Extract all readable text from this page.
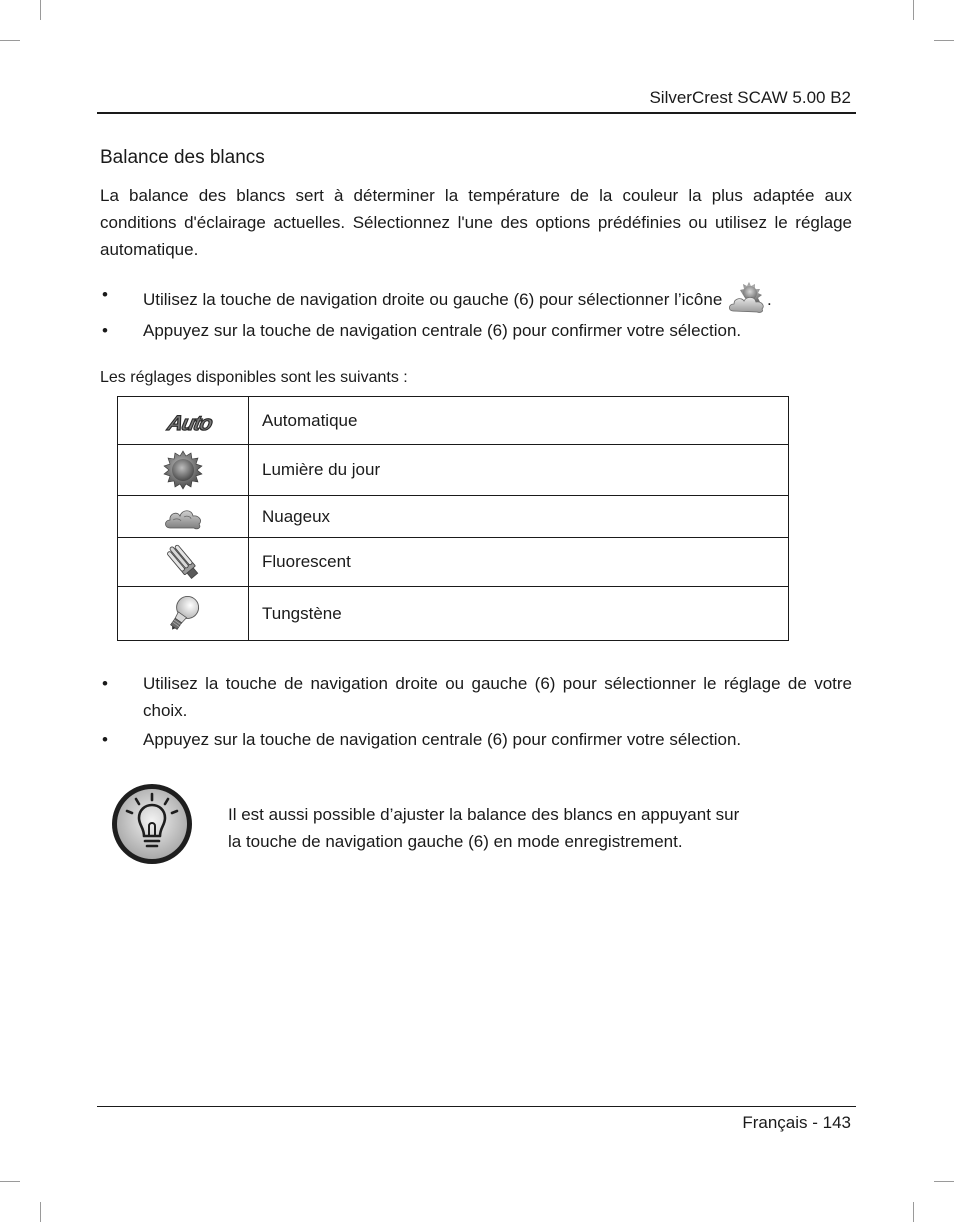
SilverCrest SCAW 5.00 B2
Balance des blancs

La balance des blancs sert à déterminer la température de la couleur la plus adaptée aux conditions d'éclairage actuelles. Sélectionnez l'une des options prédéfinies ou utilisez le réglage automatique.

• Utilisez la touche de navigation droite ou gauche (6) pour sélectionner l’icône	.
• Appuyez sur la touche de navigation centrale (6) pour confirmer votre sélection.
Les réglages disponibles sont les suivants :
Auto	Automatique

	Lumière du jour

	Nuageux

	Fluorescent

	Tungstène
• Utilisez la touche de navigation droite ou gauche (6) pour sélectionner le réglage de votre choix.
• Appuyez sur la touche de navigation centrale (6) pour confirmer votre sélection.
Il est aussi possible d’ajuster la balance des blancs en appuyant sur
la touche de navigation gauche (6) en mode enregistrement.
Français - 143
